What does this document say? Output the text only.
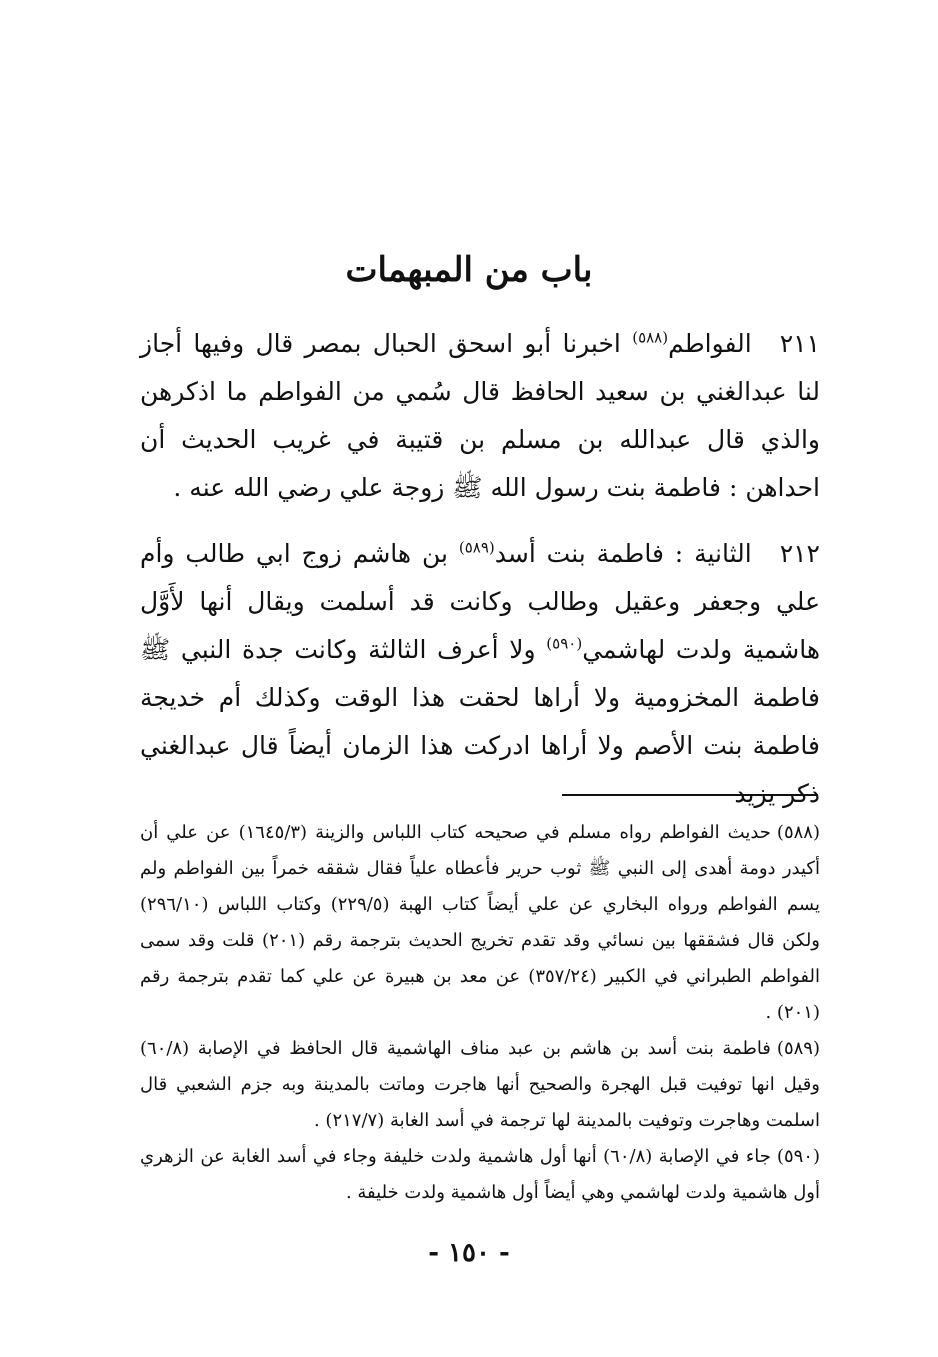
باب من المبهمات

٢١١الفواطم$^{(٥٨٨)}$ اخبرنا أبو اسحق الحبال بمصر قال وفيها أجاز لنا عبدالغني بن سعيد الحافظ قال سُمي من الفواطم ما اذكرهن والذي قال عبدالله بن مسلم بن قتيبة في غريب الحديث أن احداهن : فاطمة بنت رسول الله ﷺ زوجة علي رضي الله عنه .

٢١٢الثانية : فاطمة بنت أسد$^{(٥٨٩)}$ بن هاشم زوج ابي طالب وأم علي وجعفر وعقيل وطالب وكانت قد أسلمت ويقال أنها لأَوَّل هاشمية ولدت لهاشمي$^{(٥٩٠)}$ ولا أعرف الثالثة وكانت جدة النبي ﷺ فاطمة المخزومية ولا أراها لحقت هذا الوقت وكذلك أم خديجة فاطمة بنت الأصم ولا أراها ادركت هذا الزمان أيضاً قال عبدالغني ذكر يزيد

(٥٨٨)حديث الفواطم رواه مسلم في صحيحه كتاب اللباس والزينة (١٦٤٥/٣) عن علي أن أكيدر دومة أهدى إلى النبي ﷺ ثوب حرير فأعطاه علياً فقال شققه خمراً بين الفواطم ولم يسم الفواطم ورواه البخاري عن علي أيضاً كتاب الهبة (٢٢٩/٥) وكتاب اللباس (٢٩٦/١٠) ولكن قال فشققها بين نسائي وقد تقدم تخريج الحديث بترجمة رقم (٢٠١) قلت وقد سمى الفواطم الطبراني في الكبير (٣٥٧/٢٤) عن معد بن هبيرة عن علي كما تقدم بترجمة رقم (٢٠١) .

(٥٨٩)فاطمة بنت أسد بن هاشم بن عبد مناف الهاشمية قال الحافظ في الإصابة (٦٠/٨) وقيل انها توفيت قبل الهجرة والصحيح أنها هاجرت وماتت بالمدينة وبه جزم الشعبي قال اسلمت وهاجرت وتوفيت بالمدينة لها ترجمة في أسد الغابة (٢١٧/٧) .

(٥٩٠)جاء في الإصابة (٦٠/٨) أنها أول هاشمية ولدت خليفة وجاء في أسد الغابة عن الزهري أول هاشمية ولدت لهاشمي وهي أيضاً أول هاشمية ولدت خليفة .

- ١٥٠ -
